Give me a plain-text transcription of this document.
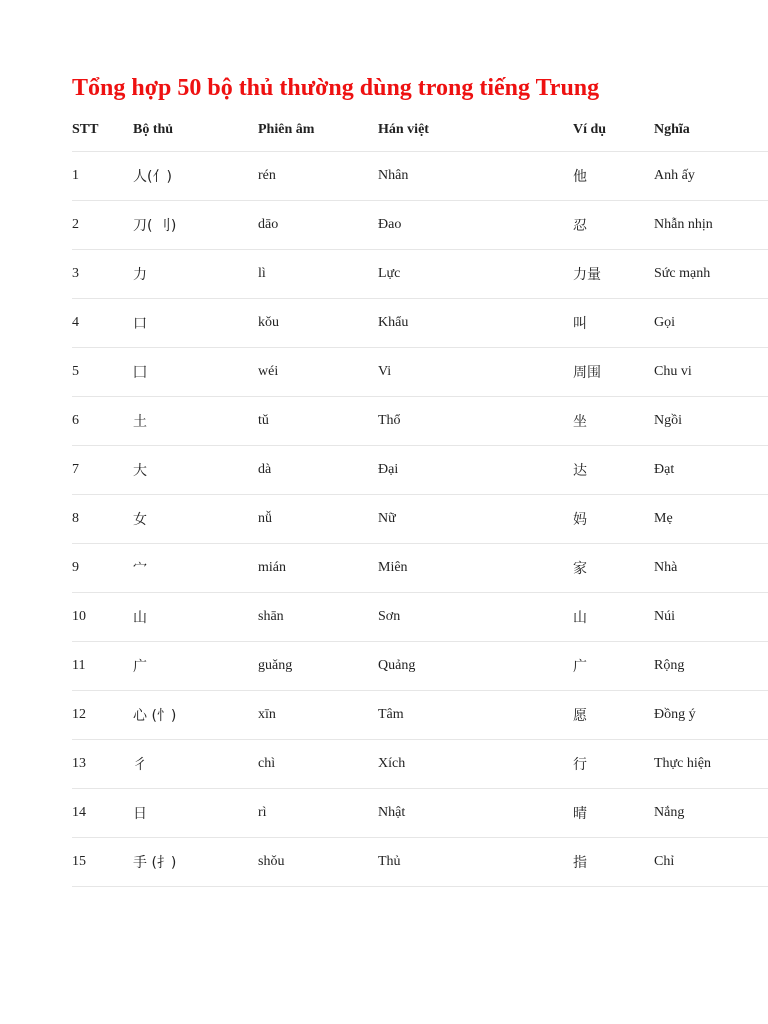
Tổng hợp 50 bộ thủ thường dùng trong tiếng Trung
STT	Bộ thủ	Phiên âm	Hán việt	Ví dụ	Nghĩa
1	人(亻)	rén	Nhân	他	Anh ấy
2	刀( 刂)	dāo	Đao	忍	Nhẫn nhịn
3	力	lì	Lực	力量	Sức mạnh
4	口	kǒu	Khẩu	叫	Gọi
5	囗	wéi	Vi	周围	Chu vi
6	土	tǔ	Thổ	坐	Ngồi
7	大	dà	Đại	达	Đạt
8	女	nǚ	Nữ	妈	Mẹ
9	宀	mián	Miên	家	Nhà
10	山	shān	Sơn	山	Núi
11	广	guǎng	Quảng	广	Rộng
12	心 (忄)	xīn	Tâm	愿	Đồng ý
13	彳	chì	Xích	行	Thực hiện
14	日	rì	Nhật	晴	Nắng
15	手 (扌)	shǒu	Thủ	指	Chỉ
